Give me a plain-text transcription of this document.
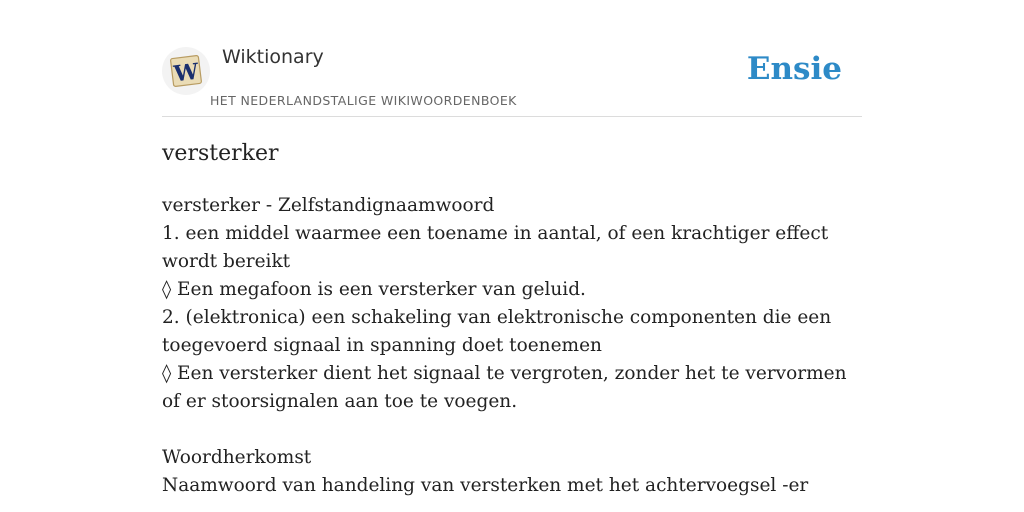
W
Wiktionary
HET NEDERLANDSTALIGE WIKIWOORDENBOEK
Ensie
versterker

versterker - Zelfstandignaamwoord

1. een middel waarmee een toename in aantal, of een krachtiger effect wordt bereikt

◊ Een megafoon is een versterker van geluid.

2. (elektronica) een schakeling van elektronische componenten die een toegevoerd signaal in spanning doet toenemen

◊ Een versterker dient het signaal te vergroten, zonder het te vervormen of er stoorsignalen aan toe te voegen.

Woordherkomst

Naamwoord van handeling van versterken met het achtervoegsel -er
